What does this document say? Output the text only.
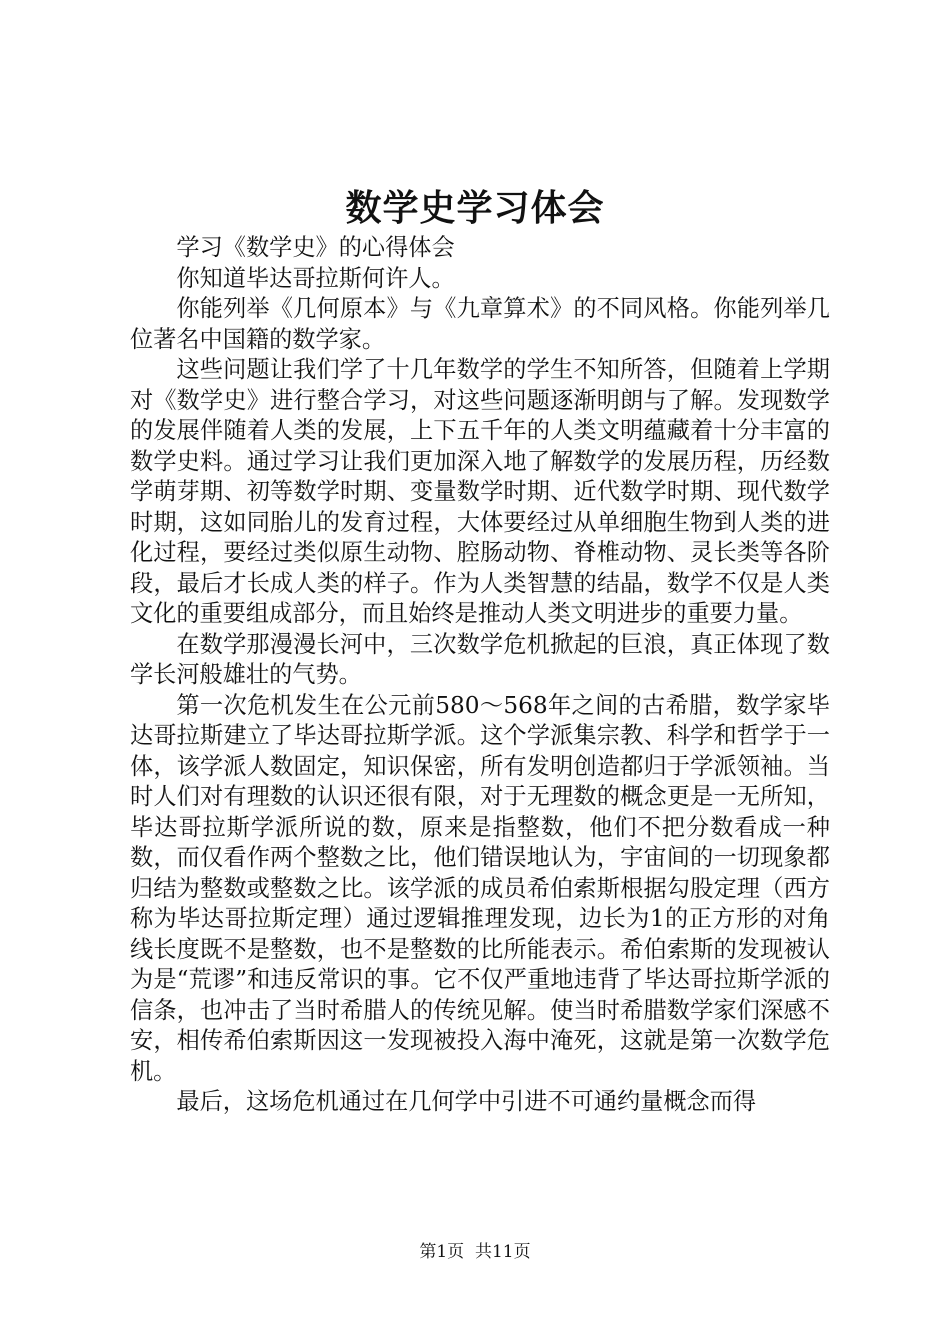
数学史学习体会

学习《数学史》的心得体会

你知道毕达哥拉斯何许人。

你能列举《几何原本》与《九章算术》的不同风格。你能列举几位著名中国籍的数学家。

这些问题让我们学了十几年数学的学生不知所答，但随着上学期对《数学史》进行整合学习，对这些问题逐渐明朗与了解。发现数学的发展伴随着人类的发展，上下五千年的人类文明蕴藏着十分丰富的数学史料。通过学习让我们更加深入地了解数学的发展历程，历经数学萌芽期、初等数学时期、变量数学时期、近代数学时期、现代数学时期，这如同胎儿的发育过程，大体要经过从单细胞生物到人类的进化过程，要经过类似原生动物、腔肠动物、脊椎动物、灵长类等各阶段，最后才长成人类的样子。作为人类智慧的结晶，数学不仅是人类文化的重要组成部分，而且始终是推动人类文明进步的重要力量。

在数学那漫漫长河中，三次数学危机掀起的巨浪，真正体现了数学长河般雄壮的气势。

第一次危机发生在公元前580～568年之间的古希腊，数学家毕达哥拉斯建立了毕达哥拉斯学派。这个学派集宗教、科学和哲学于一体，该学派人数固定，知识保密，所有发明创造都归于学派领袖。当时人们对有理数的认识还很有限，对于无理数的概念更是一无所知，毕达哥拉斯学派所说的数，原来是指整数，他们不把分数看成一种数，而仅看作两个整数之比，他们错误地认为，宇宙间的一切现象都归结为整数或整数之比。该学派的成员希伯索斯根据勾股定理（西方称为毕达哥拉斯定理）通过逻辑推理发现，边长为1的正方形的对角线长度既不是整数，也不是整数的比所能表示。希伯索斯的发现被认为是“荒谬”和违反常识的事。它不仅严重地违背了毕达哥拉斯学派的信条，也冲击了当时希腊人的传统见解。使当时希腊数学家们深感不安，相传希伯索斯因这一发现被投入海中淹死，这就是第一次数学危机。

最后，这场危机通过在几何学中引进不可通约量概念而得

第1页  共11页
